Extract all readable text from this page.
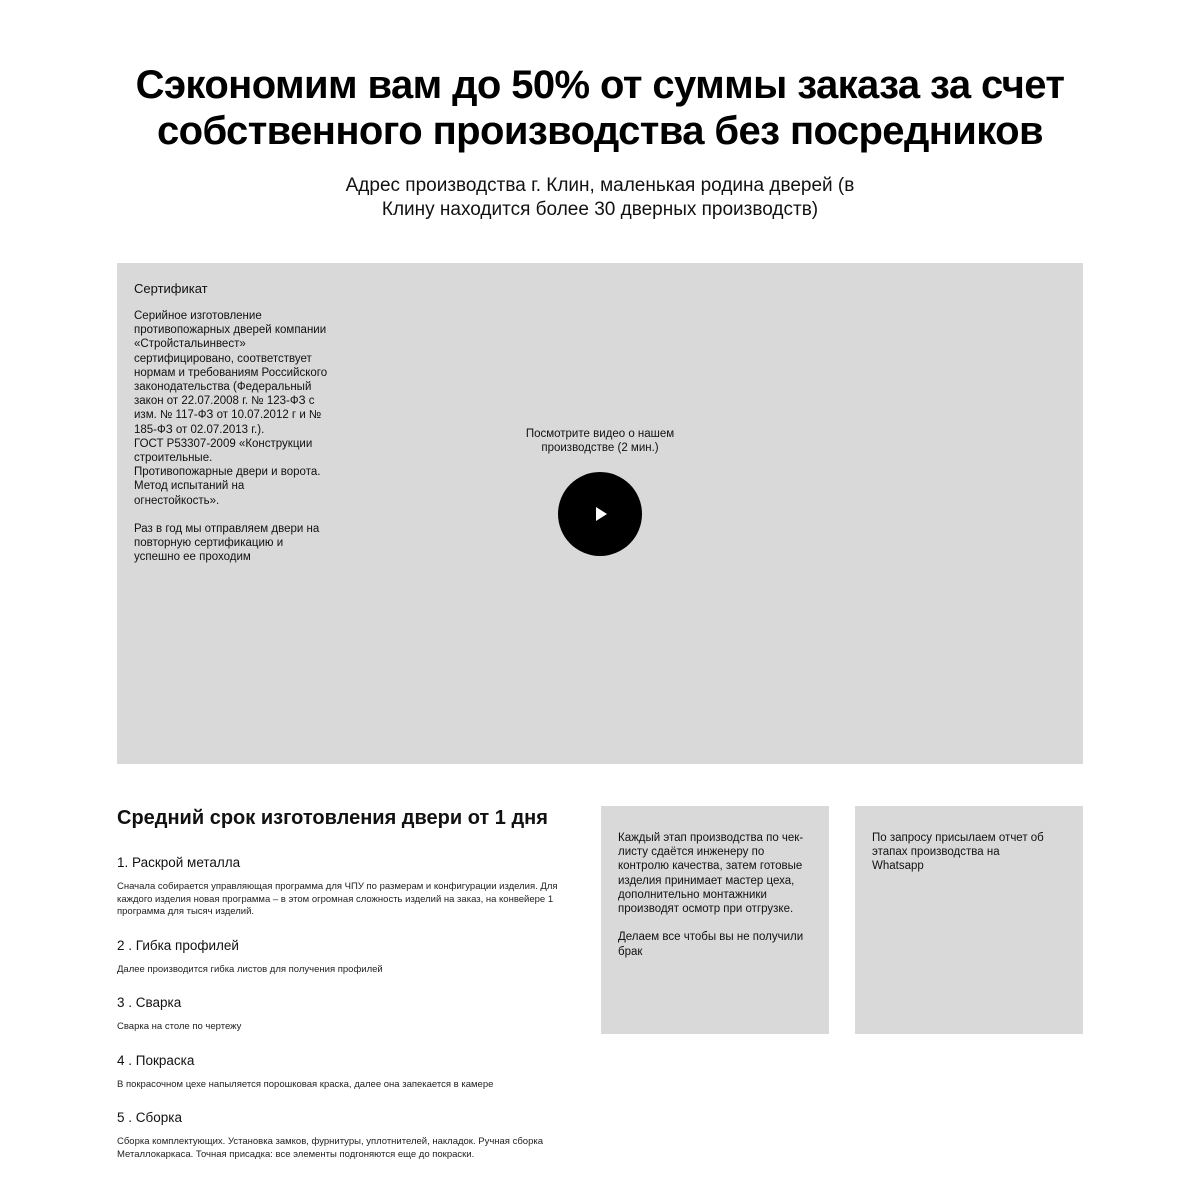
Сэкономим вам до 50% от суммы заказа за счет
собственного производства без посредников

Адрес производства г. Клин, маленькая родина дверей (в
Клину находится более 30 дверных производств)

Сертификат
Серийное изготовление
противопожарных дверей компании
«Стройстальинвест»
сертифицировано, соответствует
нормам и требованиям Российского
законодательства (Федеральный
закон от 22.07.2008 г. № 123-ФЗ с
изм. № 117-ФЗ от 10.07.2012 г и №
185-ФЗ от 02.07.2013 г.).
ГОСТ Р53307-2009 «Конструкции
строительные.
Противопожарные двери и ворота.
Метод испытаний на
огнестойкость».

Раз в год мы отправляем двери на
повторную сертификацию и
успешно ее проходим
Посмотрите видео о нашем
производстве (2 мин.)
Средний срок изготовления двери от 1 дня
1. Раскрой металла
Сначала собирается управляющая программа для ЧПУ по размерам и конфигурации изделия. Для каждого изделия новая программа – в этом огромная сложность изделий на заказ, на конвейере 1 программа для тысяч изделий.
2 . Гибка профилей
Далее производится гибка листов для получения профилей
3 . Сварка
Сварка на столе по чертежу
4 . Покраска
В покрасочном цехе напыляется порошковая краска, далее она запекается в камере
5 . Сборка
Сборка комплектующих. Установка замков, фурнитуры, уплотнителей, накладок. Ручная сборка Металлокаркаса. Точная присадка: все элементы подгоняются еще до покраски.
Каждый этап производства по чек-
листу сдаётся инженеру по
контролю качества, затем готовые
изделия принимает мастер цеха,
дополнительно монтажники
производят осмотр при отгрузке.

Делаем все чтобы вы не получили
брак
По запросу присылаем отчет об
этапах производства на
Whatsapp
